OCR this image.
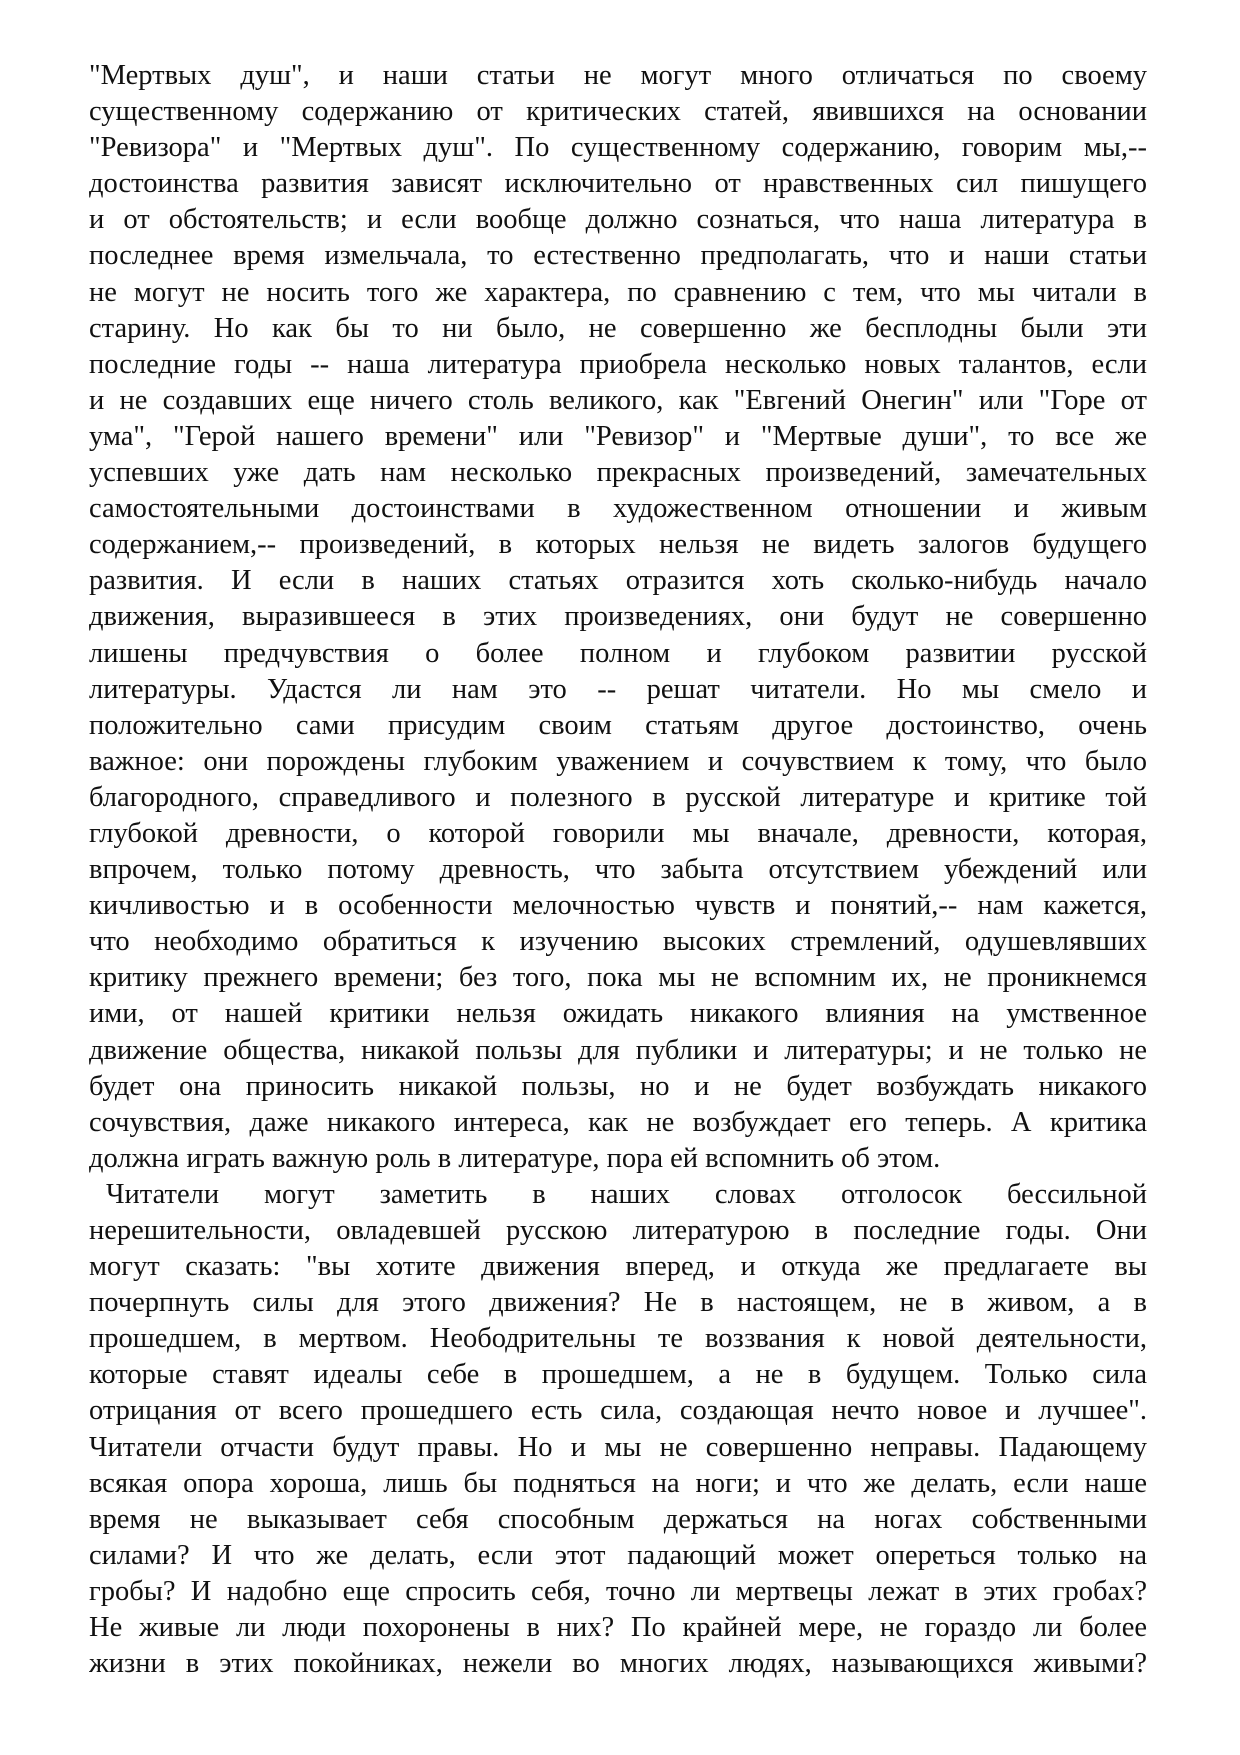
"Мертвых душ", и наши статьи не могут много отличаться по своему
существенному содержанию от критических статей, явившихся на основании
"Ревизора" и "Мертвых душ". По существенному содержанию, говорим мы,--
достоинства развития зависят исключительно от нравственных сил пишущего
и от обстоятельств; и если вообще должно сознаться, что наша литература в
последнее время измельчала, то естественно предполагать, что и наши статьи
не могут не носить того же характера, по сравнению с тем, что мы читали в
старину. Но как бы то ни было, не совершенно же бесплодны были эти
последние годы -- наша литература приобрела несколько новых талантов, если
и не создавших еще ничего столь великого, как "Евгений Онегин" или "Горе от
ума", "Герой нашего времени" или "Ревизор" и "Мертвые души", то все же
успевших уже дать нам несколько прекрасных произведений, замечательных
самостоятельными достоинствами в художественном отношении и живым
содержанием,-- произведений, в которых нельзя не видеть залогов будущего
развития. И если в наших статьях отразится хоть сколько-нибудь начало
движения, выразившееся в этих произведениях, они будут не совершенно
лишены предчувствия о более полном и глубоком развитии русской
литературы. Удастся ли нам это -- решат читатели. Но мы смело и
положительно сами присудим своим статьям другое достоинство, очень
важное: они порождены глубоким уважением и сочувствием к тому, что было
благородного, справедливого и полезного в русской литературе и критике той
глубокой древности, о которой говорили мы вначале, древности, которая,
впрочем, только потому древность, что забыта отсутствием убеждений или
кичливостью и в особенности мелочностью чувств и понятий,-- нам кажется,
что необходимо обратиться к изучению высоких стремлений, одушевлявших
критику прежнего времени; без того, пока мы не вспомним их, не проникнемся
ими, от нашей критики нельзя ожидать никакого влияния на умственное
движение общества, никакой пользы для публики и литературы; и не только не
будет она приносить никакой пользы, но и не будет возбуждать никакого
сочувствия, даже никакого интереса, как не возбуждает его теперь. А критика
должна играть важную роль в литературе, пора ей вспомнить об этом.
Читатели могут заметить в наших словах отголосок бессильной
нерешительности, овладевшей русскою литературою в последние годы. Они
могут сказать: "вы хотите движения вперед, и откуда же предлагаете вы
почерпнуть силы для этого движения? Не в настоящем, не в живом, а в
прошедшем, в мертвом. Неободрительны те воззвания к новой деятельности,
которые ставят идеалы себе в прошедшем, а не в будущем. Только сила
отрицания от всего прошедшего есть сила, создающая нечто новое и лучшее".
Читатели отчасти будут правы. Но и мы не совершенно неправы. Падающему
всякая опора хороша, лишь бы подняться на ноги; и что же делать, если наше
время не выказывает себя способным держаться на ногах собственными
силами? И что же делать, если этот падающий может опереться только на
гробы? И надобно еще спросить себя, точно ли мертвецы лежат в этих гробах?
Не живые ли люди похоронены в них? По крайней мере, не гораздо ли более
жизни в этих покойниках, нежели во многих людях, называющихся живыми?
